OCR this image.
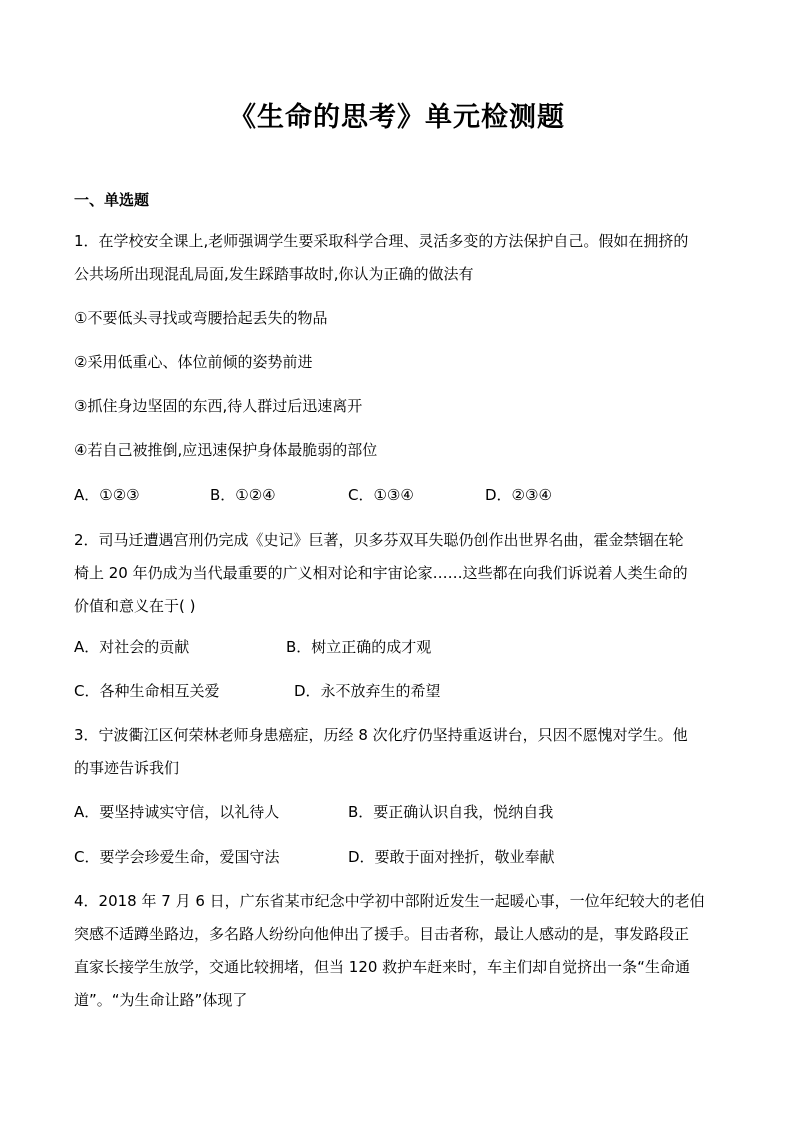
《生命的思考》单元检测题
一、单选题
1．在学校安全课上,老师强调学生要采取科学合理、灵活多变的方法保护自己。假如在拥挤的
公共场所出现混乱局面,发生踩踏事故时,你认为正确的做法有
①不要低头寻找或弯腰拾起丢失的物品
②采用低重心、体位前倾的姿势前进
③抓住身边坚固的东西,待人群过后迅速离开
④若自己被推倒,应迅速保护身体最脆弱的部位
A．①②③	B．①②④	C．①③④	D．②③④
2．司马迁遭遇宫刑仍完成《史记》巨著，贝多芬双耳失聪仍创作出世界名曲，霍金禁锢在轮
椅上 20 年仍成为当代最重要的广义相对论和宇宙论家……这些都在向我们诉说着人类生命的
价值和意义在于( )
A．对社会的贡献	B．树立正确的成才观
C．各种生命相互关爱	D．永不放弃生的希望
3．宁波衢江区何荣林老师身患癌症，历经 8 次化疗仍坚持重返讲台，只因不愿愧对学生。他
的事迹告诉我们
A．要坚持诚实守信，以礼待人	B．要正确认识自我，悦纳自我
C．要学会珍爱生命，爱国守法	D．要敢于面对挫折，敬业奉献
4．2018 年 7 月 6 日，广东省某市纪念中学初中部附近发生一起暖心事，一位年纪较大的老伯
突感不适蹲坐路边，多名路人纷纷向他伸出了援手。目击者称，最让人感动的是，事发路段正
直家长接学生放学，交通比较拥堵，但当 120 救护车赶来时，车主们却自觉挤出一条“生命通
道”。“为生命让路”体现了
